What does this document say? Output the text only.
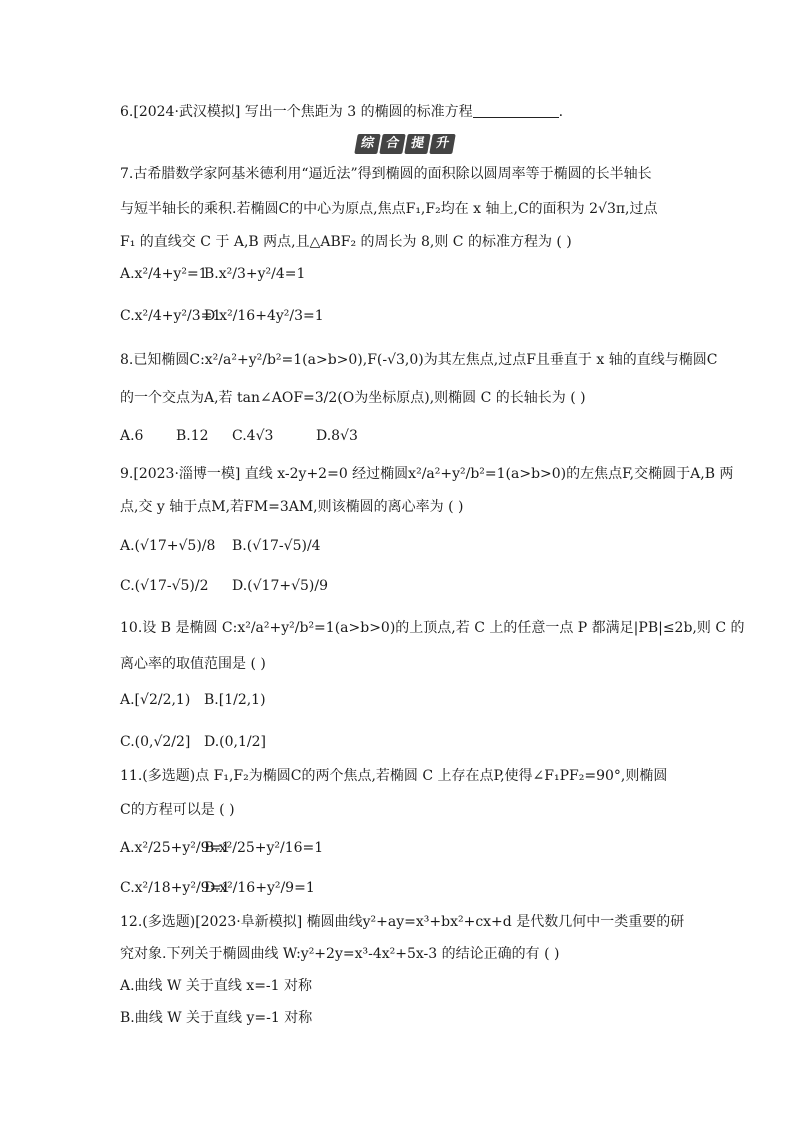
6.[2024·武汉模拟] 写出一个焦距为 3 的椭圆的标准方程	.
综 合 提 升
7.古希腊数学家阿基米德利用“逼近法”得到椭圆的面积除以圆周率等于椭圆的长半轴长
与短半轴长的乘积.若椭圆C的中心为原点,焦点F₁,F₂均在 x 轴上,C的面积为 2√3π,过点
F₁ 的直线交 C 于 A,B 两点,且△ABF₂ 的周长为 8,则 C 的标准方程为 ( )
A.x²/4+y²=1
B.x²/3+y²/4=1
C.x²/4+y²/3=1
D.x²/16+4y²/3=1
8.已知椭圆C:x²/a²+y²/b²=1(a>b>0),F(-√3,0)为其左焦点,过点F且垂直于 x 轴的直线与椭圆C
的一个交点为A,若 tan∠AOF=3/2(O为坐标原点),则椭圆 C 的长轴长为 ( )
A.6 B.12 C.4√3	D.8√3
9.[2023·淄博一模] 直线 x-2y+2=0 经过椭圆x²/a²+y²/b²=1(a>b>0)的左焦点F,交椭圆于A,B 两
点,交 y 轴于点M,若FM=3AM,则该椭圆的离心率为 ( )
A.(√17+√5)/8 B.(√17-√5)/4
C.(√17-√5)/2 D.(√17+√5)/9
10.设 B 是椭圆 C:x²/a²+y²/b²=1(a>b>0)的上顶点,若 C 上的任意一点 P 都满足|PB|≤2b,则 C 的
离心率的取值范围是 ( )
A.[√2/2,1) B.[1/2,1)
C.(0,√2/2] D.(0,1/2]
11.(多选题)点 F₁,F₂为椭圆C的两个焦点,若椭圆 C 上存在点P,使得∠F₁PF₂=90°,则椭圆
C的方程可以是 ( )
A.x²/25+y²/9=1
B.x²/25+y²/16=1
C.x²/18+y²/9=1
D.x²/16+y²/9=1
12.(多选题)[2023·阜新模拟] 椭圆曲线y²+ay=x³+bx²+cx+d 是代数几何中一类重要的研
究对象.下列关于椭圆曲线 W:y²+2y=x³-4x²+5x-3 的结论正确的有 ( )
A.曲线 W 关于直线 x=-1 对称
B.曲线 W 关于直线 y=-1 对称
